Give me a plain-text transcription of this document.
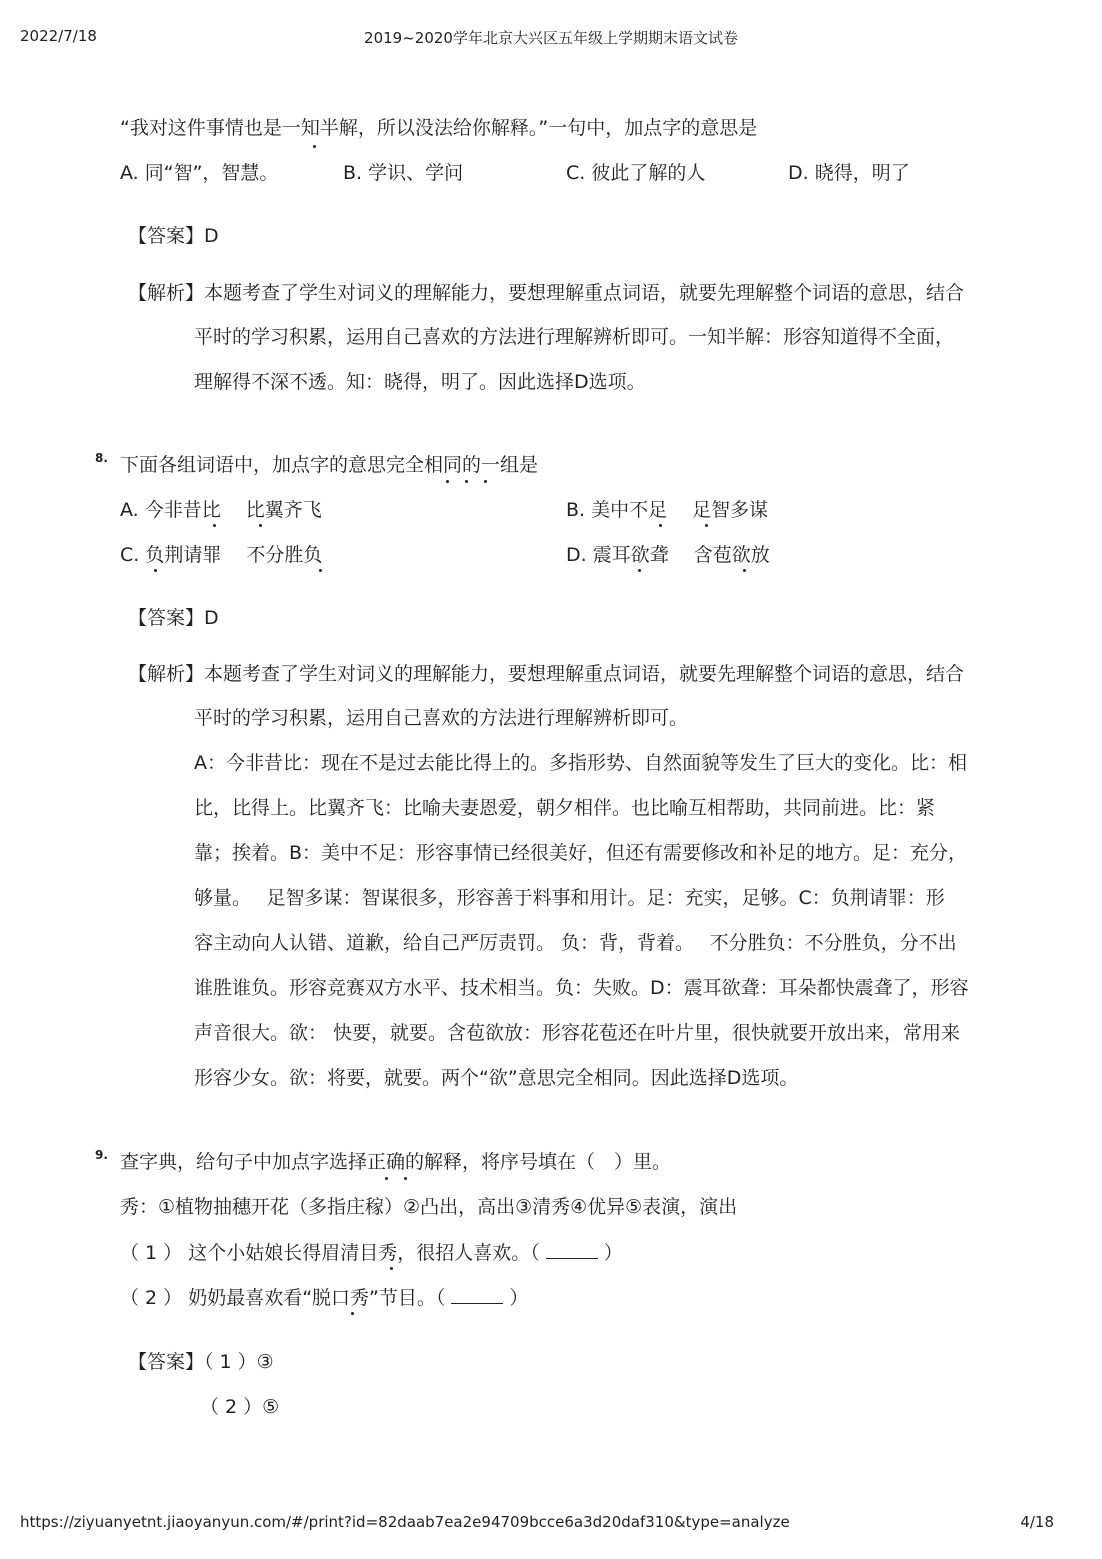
2022/7/18	2019~2020学年北京大兴区五年级上学期期末语文试卷
“我对这件事情也是一知半解，所以没法给你解释。”一句中，加点字的意思是
A. 同“智”，智慧。	B. 学识、学问	C. 彼此了解的人	D. 晓得，明了
【答案】D
【解析】本题考查了学生对词义的理解能力，要想理解重点词语，就要先理解整个词语的意思，结合
平时的学习积累，运用自己喜欢的方法进行理解辨析即可。一知半解：形容知道得不全面，
理解得不深不透。知：晓得，明了。因此选择D选项。
8. 下面各组词语中，加点字的意思完全相同的一组是
A. 今非昔比　 比翼齐飞	B. 美中不足　 足智多谋
C. 负荆请罪　 不分胜负	D. 震耳欲聋　 含苞欲放
【答案】D
【解析】本题考查了学生对词义的理解能力，要想理解重点词语，就要先理解整个词语的意思，结合
平时的学习积累，运用自己喜欢的方法进行理解辨析即可。
A：今非昔比：现在不是过去能比得上的。多指形势、自然面貌等发生了巨大的变化。比：相
比，比得上。比翼齐飞：比喻夫妻恩爱，朝夕相伴。也比喻互相帮助，共同前进。比：紧
靠；挨着。B：美中不足：形容事情已经很美好，但还有需要修改和补足的地方。足：充分，
够量。　 足智多谋：智谋很多，形容善于料事和用计。足：充实，足够。C：负荆请罪：形
容主动向人认错、道歉，给自己严厉责罚。 负：背，背着。　 不分胜负：不分胜负，分不出
谁胜谁负。形容竞赛双方水平、技术相当。负：失败。D：震耳欲聋：耳朵都快震聋了，形容
声音很大。欲： 快要，就要。含苞欲放：形容花苞还在叶片里，很快就要开放出来，常用来
形容少女。欲：将要，就要。两个“欲”意思完全相同。因此选择D选项。
9. 查字典，给句子中加点字选择正确的解释，将序号填在（　）里。
秀：①植物抽穗开花（多指庄稼）②凸出，高出③清秀④优异⑤表演，演出
（ 1 ） 这个小姑娘长得眉清目秀，很招人喜欢。（	）
（ 2 ） 奶奶最喜欢看“脱口秀”节目。（	）
【答案】（ 1 ）③
（ 2 ）⑤
https://ziyuanyetnt.jiaoyanyun.com/#/print?id=82daab7ea2e94709bcce6a3d20daf310&type=analyze	4/18
